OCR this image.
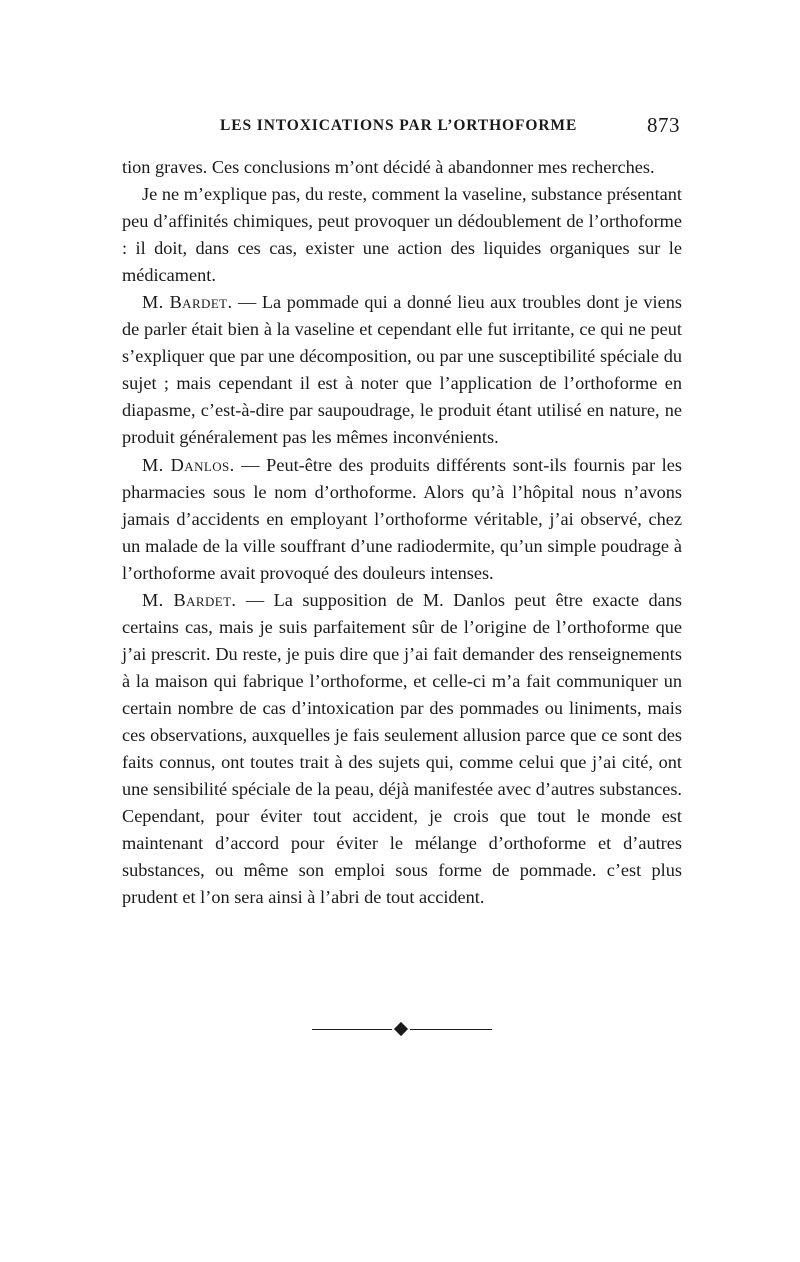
LES INTOXICATIONS PAR L’ORTHOFORME	873

tion graves. Ces conclusions m’ont décidé à abandonner mes recherches.

Je ne m’explique pas, du reste, comment la vaseline, substance présentant peu d’affinités chimiques, peut provoquer un dédoublement de l’orthoforme : il doit, dans ces cas, exister une action des liquides organiques sur le médicament.

M. Bardet. — La pommade qui a donné lieu aux troubles dont je viens de parler était bien à la vaseline et cependant elle fut irritante, ce qui ne peut s’expliquer que par une décomposition, ou par une susceptibilité spéciale du sujet ; mais cependant il est à noter que l’application de l’orthoforme en diapasme, c’est-à-dire par saupoudrage, le produit étant utilisé en nature, ne produit généralement pas les mêmes inconvénients.

M. Danlos. — Peut-être des produits différents sont-ils fournis par les pharmacies sous le nom d’orthoforme. Alors qu’à l’hôpital nous n’avons jamais d’accidents en employant l’orthoforme véritable, j’ai observé, chez un malade de la ville souffrant d’une radiodermite, qu’un simple poudrage à l’orthoforme avait provoqué des douleurs intenses.

M. Bardet. — La supposition de M. Danlos peut être exacte dans certains cas, mais je suis parfaitement sûr de l’origine de l’orthoforme que j’ai prescrit. Du reste, je puis dire que j’ai fait demander des renseignements à la maison qui fabrique l’orthoforme, et celle-ci m’a fait communiquer un certain nombre de cas d’intoxication par des pommades ou liniments, mais ces observations, auxquelles je fais seulement allusion parce que ce sont des faits connus, ont toutes trait à des sujets qui, comme celui que j’ai cité, ont une sensibilité spéciale de la peau, déjà manifestée avec d’autres substances. Cependant, pour éviter tout accident, je crois que tout le monde est maintenant d’accord pour éviter le mélange d’orthoforme et d’autres substances, ou même son emploi sous forme de pommade. c’est plus prudent et l’on sera ainsi à l’abri de tout accident.
